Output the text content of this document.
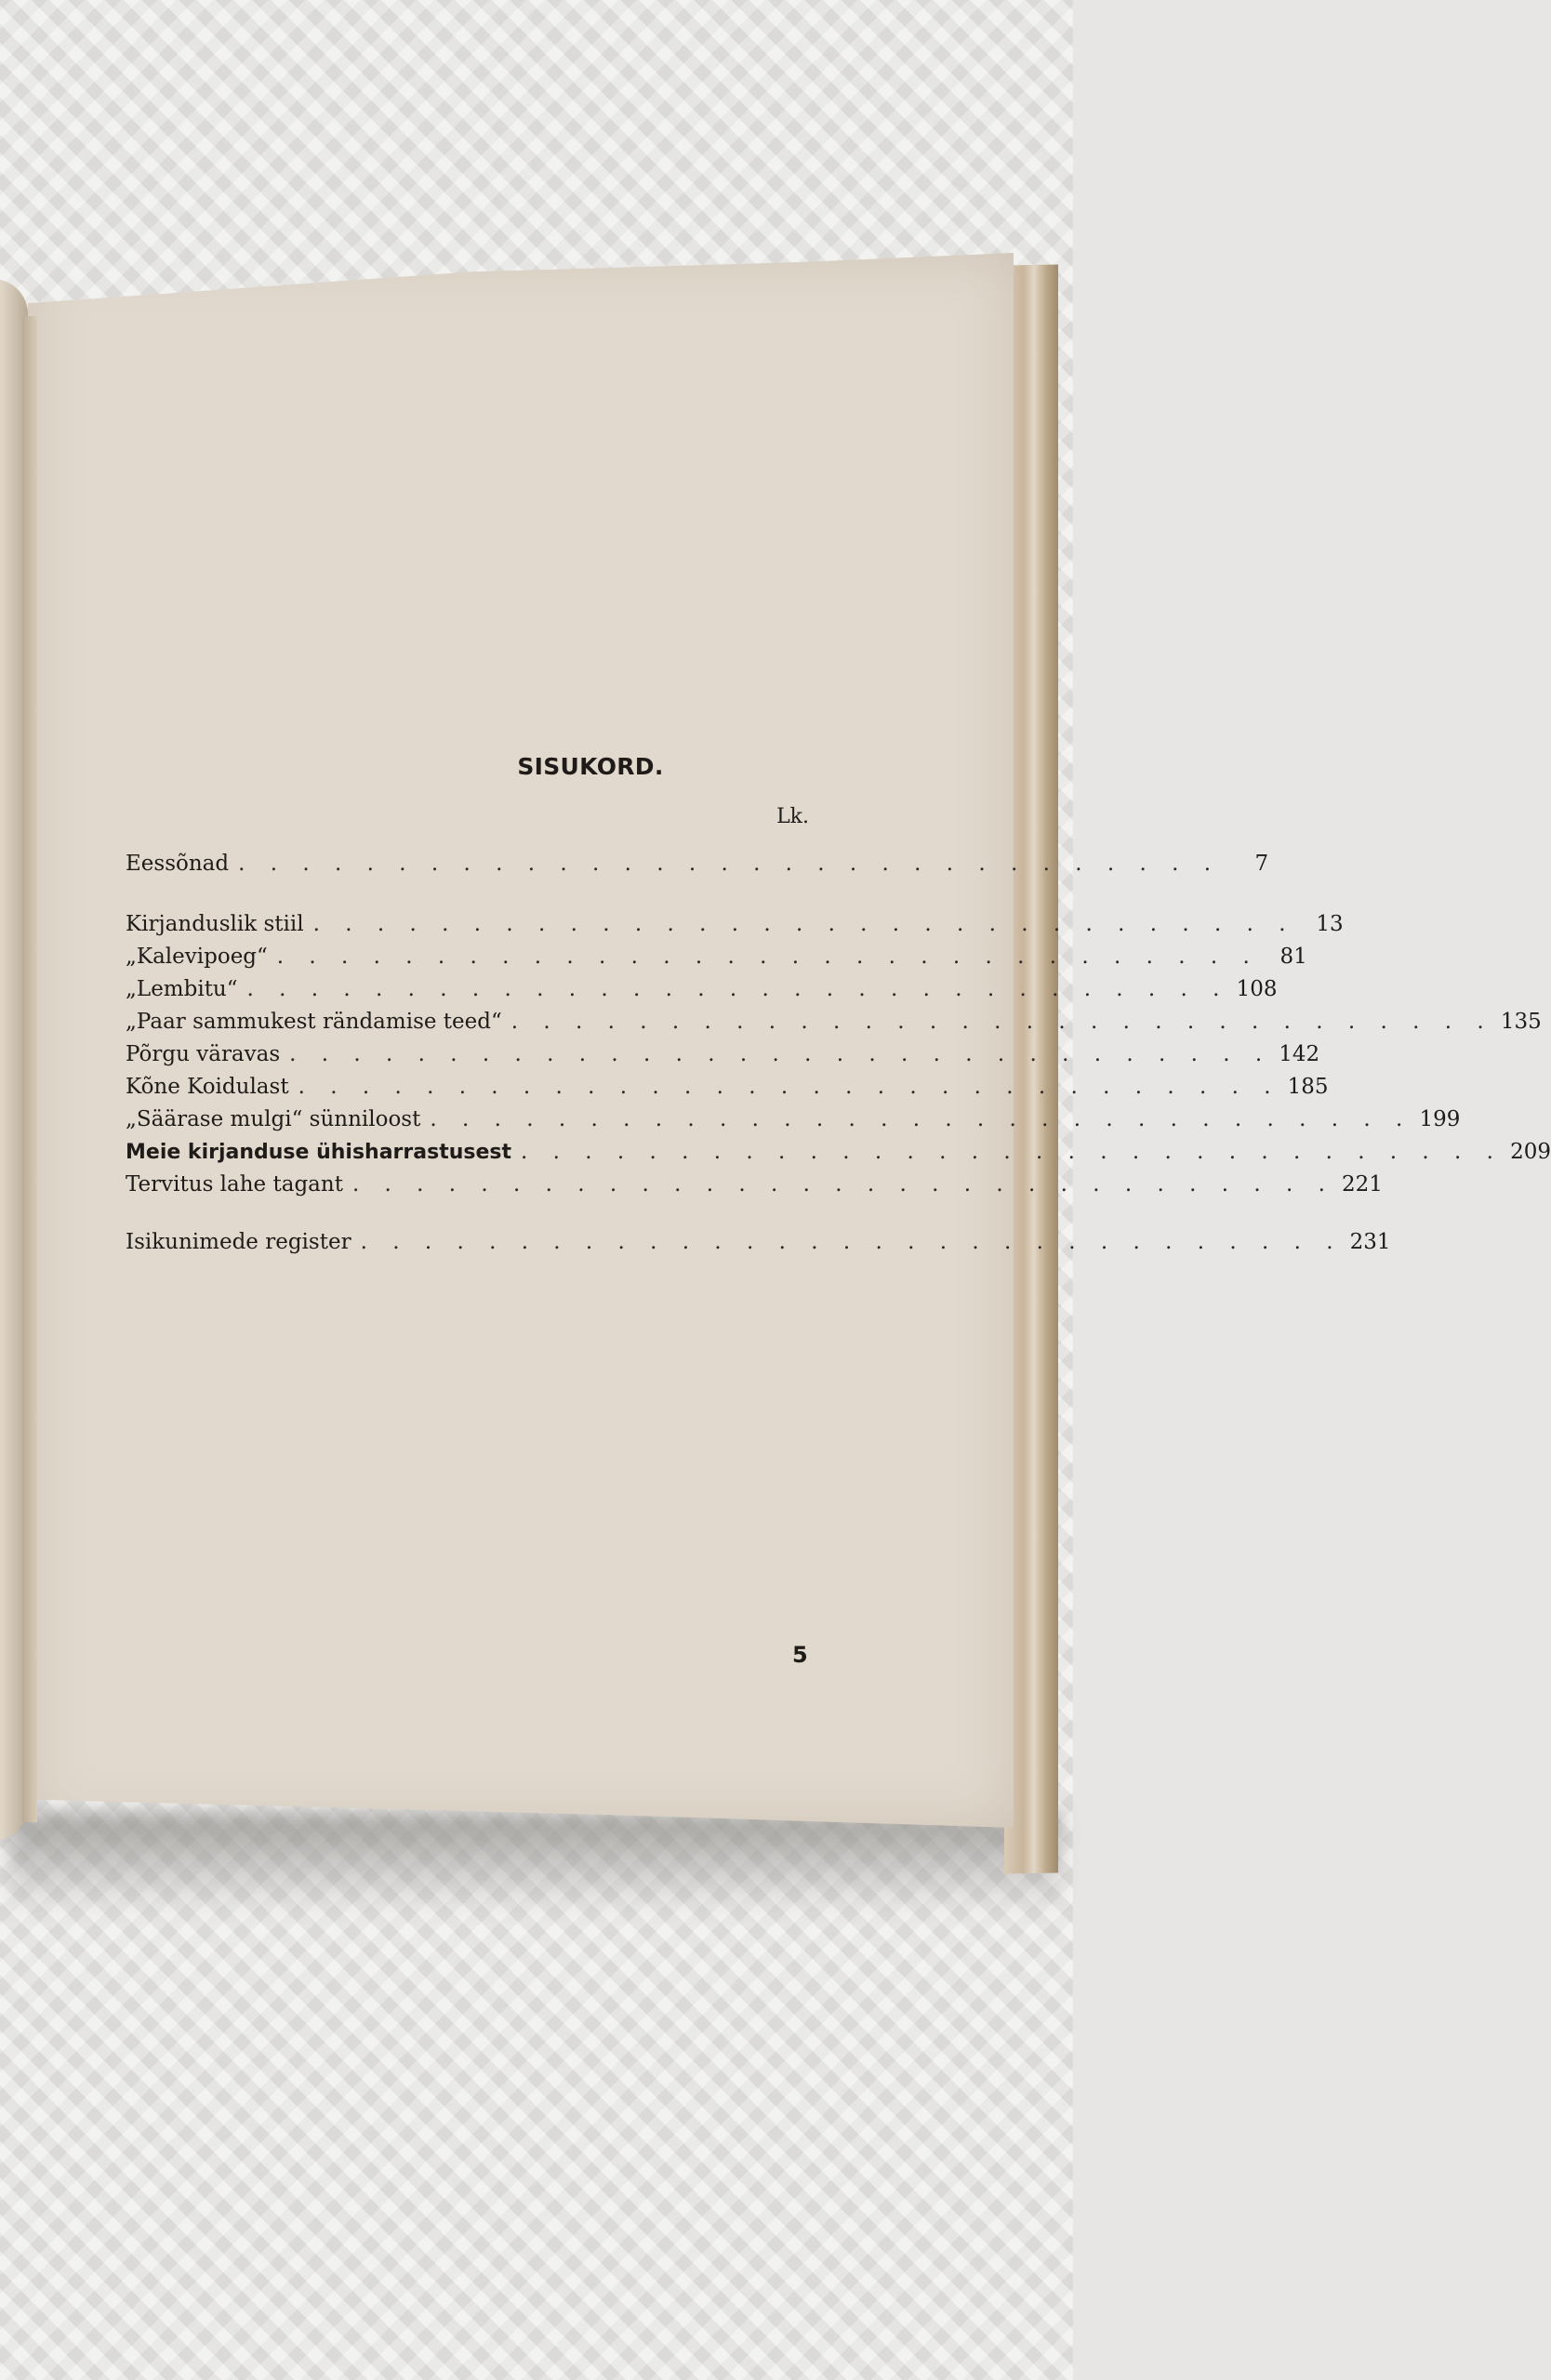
SISUKORD.
Lk.
Eessõnad . . . . . . . . . . . . . . . . . . . . . . . . . . . . . . .	7
Kirjanduslik stiil . . . . . . . . . . . . . . . . . . . . . . . . . . . . . . . 13
„Kalevipoeg“ . . . . . . . . . . . . . . . . . . . . . . . . . . . . . . . 81
„Lembitu“ . . . . . . . . . . . . . . . . . . . . . . . . . . . . . . . 108
„Paar sammukest rändamise teed“ . . . . . . . . . . . . . . . . . . . . . . . . . . . . . . . 135
Põrgu väravas . . . . . . . . . . . . . . . . . . . . . . . . . . . . . . . 142
Kõne Koidulast . . . . . . . . . . . . . . . . . . . . . . . . . . . . . . . 185
„Säärase mulgi“ sünniloost . . . . . . . . . . . . . . . . . . . . . . . . . . . . . . . 199
Meie kirjanduse ühisharrastusest . . . . . . . . . . . . . . . . . . . . . . . . . . . . . . . 209
Tervitus lahe tagant . . . . . . . . . . . . . . . . . . . . . . . . . . . . . . . 221
Isikunimede register . . . . . . . . . . . . . . . . . . . . . . . . . . . . . . . 231
5
